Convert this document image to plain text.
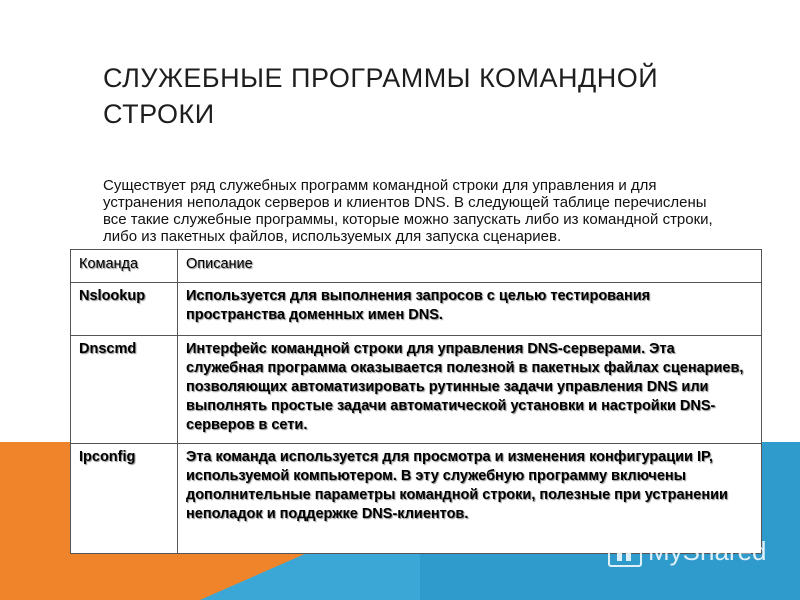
СЛУЖЕБНЫЕ ПРОГРАММЫ КОМАНДНОЙ СТРОКИ

Существует ряд служебных программ командной строки для управления и для устранения неполадок серверов и клиентов DNS. В следующей таблице перечислены все такие служебные программы, которые можно запускать либо из командной строки, либо из пакетных файлов, используемых для запуска сценариев.

Команда	Описание
Nslookup	Используется для выполнения запросов с целью тестирования пространства доменных имен DNS.
Dnscmd	Интерфейс командной строки для управления DNS-серверами. Эта служебная программа оказывается полезной в пакетных файлах сценариев, позволяющих автоматизировать рутинные задачи управления DNS или выполнять простые задачи автоматической установки и настройки DNS-серверов в сети.
Ipconfig	Эта команда используется для просмотра и изменения конфигурации IP, используемой компьютером. В эту служебную программу включены дополнительные параметры командной строки, полезные при устранении неполадок и поддержке DNS-клиентов.
MyShared
